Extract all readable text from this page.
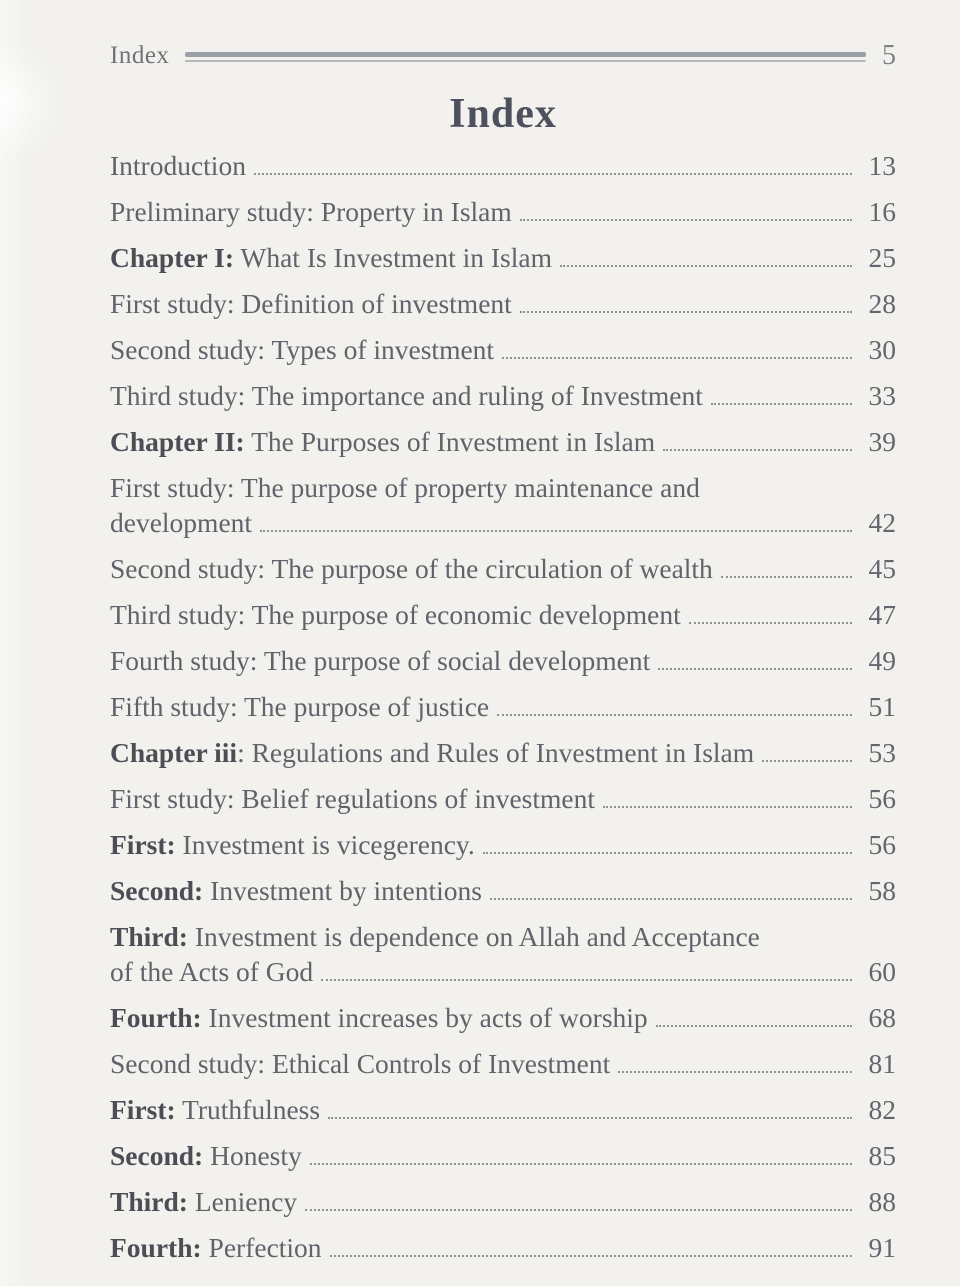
Index	5
Index
Introduction	13
Preliminary study: Property in Islam	16
Chapter I: What Is Investment in Islam	25
First study: Definition of investment	28
Second study: Types of investment	30
Third study: The importance and ruling of Investment	33
Chapter II: The Purposes of Investment in Islam	39
First study: The purpose of property maintenance and
development	42
Second study: The purpose of the circulation of wealth	45
Third study: The purpose of economic development	47
Fourth study: The purpose of social development	49
Fifth study: The purpose of justice	51
Chapter iii: Regulations and Rules of Investment in Islam	53
First study: Belief regulations of investment	56
First: Investment is vicegerency.	56
Second: Investment by intentions	58
Third: Investment is dependence on Allah and Acceptance
of the Acts of God	60
Fourth: Investment increases by acts of worship	68
Second study: Ethical Controls of Investment	81
First: Truthfulness	82
Second: Honesty	85
Third: Leniency	88
Fourth: Perfection	91
